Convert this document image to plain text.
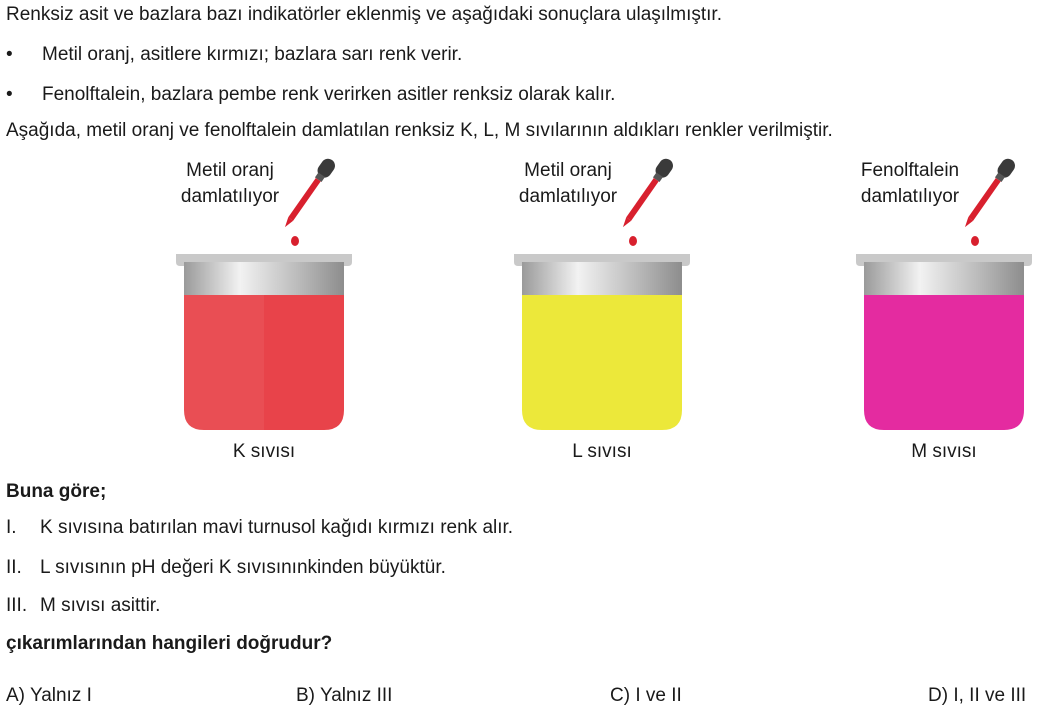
Renksiz asit ve bazlara bazı indikatörler eklenmiş ve aşağıdaki sonuçlara ulaşılmıştır.
• Metil oranj, asitlere kırmızı; bazlara sarı renk verir.
• Fenolftalein, bazlara pembe renk verirken asitler renksiz olarak kalır.
Aşağıda, metil oranj ve fenolftalein damlatılan renksiz K, L, M sıvılarının aldıkları renkler verilmiştir.
Metil oranj
damlatılıyor
K sıvısı
Metil oranj
damlatılıyor
L sıvısı
Fenolftalein
damlatılıyor
M sıvısı
Buna göre;
I. K sıvısına batırılan mavi turnusol kağıdı kırmızı renk alır.
II. L sıvısının pH değeri K sıvısınınkinden büyüktür.
III. M sıvısı asittir.
çıkarımlarından hangileri doğrudur?
A) Yalnız I	B) Yalnız III	C) I ve II	D) I, II ve III
